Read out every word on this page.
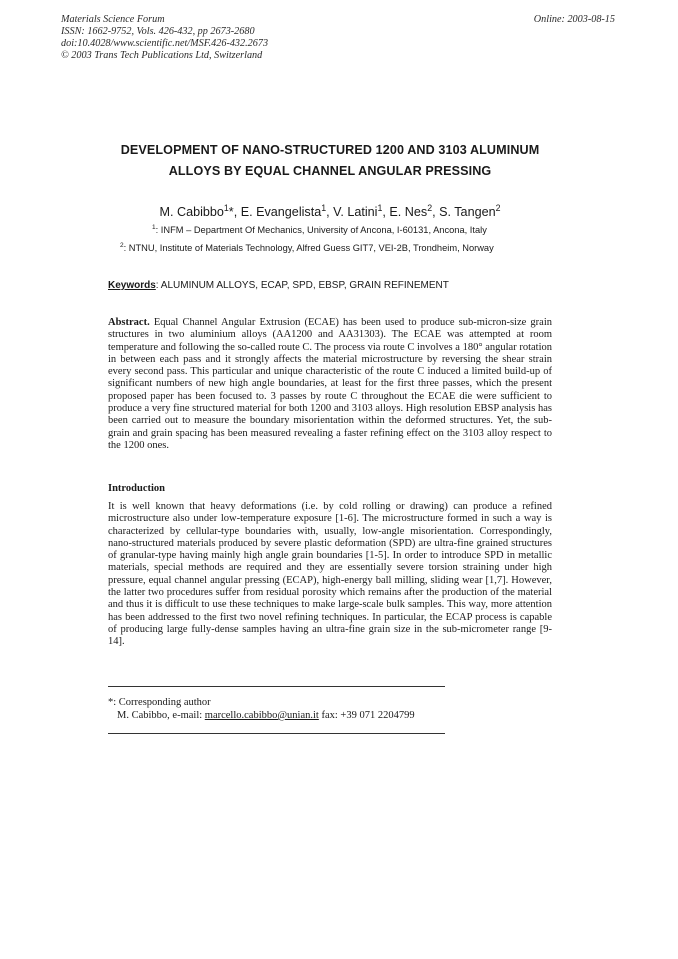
Materials Science Forum
ISSN: 1662-9752, Vols. 426-432, pp 2673-2680
doi:10.4028/www.scientific.net/MSF.426-432.2673
© 2003 Trans Tech Publications Ltd, Switzerland
Online: 2003-08-15
DEVELOPMENT OF NANO-STRUCTURED 1200 AND 3103 ALUMINUM
ALLOYS BY EQUAL CHANNEL ANGULAR PRESSING
M. Cabibbo$^1$*, E. Evangelista$^1$, V. Latini$^1$, E. Nes$^2$, S. Tangen$^2$
$^1$: INFM – Department Of Mechanics, University of Ancona, I-60131, Ancona, Italy
$^2$: NTNU, Institute of Materials Technology, Alfred Guess GIT7, VEI-2B, Trondheim, Norway
Keywords: ALUMINUM ALLOYS, ECAP, SPD, EBSP, GRAIN REFINEMENT
Abstract. Equal Channel Angular Extrusion (ECAE) has been used to produce sub-micron-size grain structures in two aluminium alloys (AA1200 and AA31303). The ECAE was attempted at room temperature and following the so-called route C. The process via route C involves a 180° angular rotation in between each pass and it strongly affects the material microstructure by reversing the shear strain every second pass. This particular and unique characteristic of the route C induced a limited build-up of significant numbers of new high angle boundaries, at least for the first three passes, which the present proposed paper has been focused to. 3 passes by route C throughout the ECAE die were sufficient to produce a very fine structured material for both 1200 and 3103 alloys. High resolution EBSP analysis has been carried out to measure the boundary misorientation within the deformed structures. Yet, the sub-grain and grain spacing has been measured revealing a faster refining effect on the 3103 alloy respect to the 1200 ones.
Introduction
It is well known that heavy deformations (i.e. by cold rolling or drawing) can produce a refined microstructure also under low-temperature exposure [1-6]. The microstructure formed in such a way is characterized by cellular-type boundaries with, usually, low-angle misorientation. Correspondingly, nano-structured materials produced by severe plastic deformation (SPD) are ultra-fine grained structures of granular-type having mainly high angle grain boundaries [1-5]. In order to introduce SPD in metallic materials, special methods are required and they are essentially severe torsion straining under high pressure, equal channel angular pressing (ECAP), high-energy ball milling, sliding wear [1,7]. However, the latter two procedures suffer from residual porosity which remains after the production of the material and thus it is difficult to use these techniques to make large-scale bulk samples. This way, more attention has been addressed to the first two novel refining techniques. In particular, the ECAP process is capable of producing large fully-dense samples having an ultra-fine grain size in the sub-micrometer range [9-14].
*: Corresponding author
M. Cabibbo, e-mail: marcello.cabibbo@unian.it fax: +39 071 2204799
